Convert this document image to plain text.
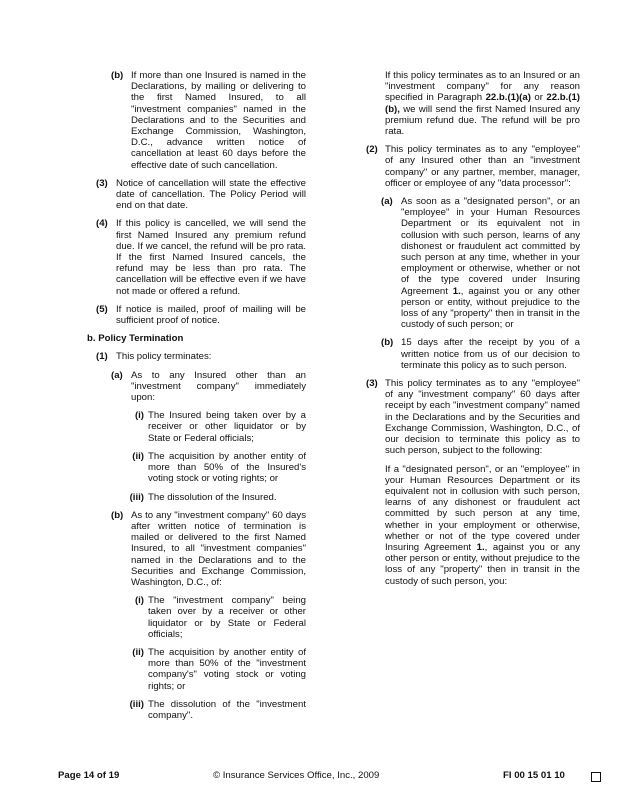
(b) If more than one Insured is named in the Declarations, by mailing or delivering to the first Named Insured, to all "investment companies" named in the Declarations and to the Securities and Exchange Commission, Washington, D.C., advance written notice of cancellation at least 60 days before the effective date of such cancellation.
(3) Notice of cancellation will state the effective date of cancellation. The Policy Period will end on that date.
(4) If this policy is cancelled, we will send the first Named Insured any premium refund due. If we cancel, the refund will be pro rata. If the first Named Insured cancels, the refund may be less than pro rata. The cancellation will be effective even if we have not made or offered a refund.
(5) If notice is mailed, proof of mailing will be sufficient proof of notice.
b. Policy Termination
(1) This policy terminates:
(a) As to any Insured other than an "investment company" immediately upon:
(i) The Insured being taken over by a receiver or other liquidator or by State or Federal officials;
(ii) The acquisition by another entity of more than 50% of the Insured's voting stock or voting rights; or
(iii) The dissolution of the Insured.
(b) As to any "investment company" 60 days after written notice of termination is mailed or delivered to the first Named Insured, to all "investment companies" named in the Declarations and to the Securities and Exchange Commission, Washington, D.C., of:
(i) The "investment company" being taken over by a receiver or other liquidator or by State or Federal officials;
(ii) The acquisition by another entity of more than 50% of the "investment company's" voting stock or voting rights; or
(iii) The dissolution of the "investment company".
If this policy terminates as to an Insured or an "investment company" for any reason specified in Paragraph 22.b.(1)(a) or 22.b.(1)(b), we will send the first Named Insured any premium refund due. The refund will be pro rata.
(2) This policy terminates as to any "employee" of any Insured other than an "investment company" or any partner, member, manager, officer or employee of any "data processor":
(a) As soon as a "designated person", or an "employee" in your Human Resources Department or its equivalent not in collusion with such person, learns of any dishonest or fraudulent act committed by such person at any time, whether in your employment or otherwise, whether or not of the type covered under Insuring Agreement 1., against you or any other person or entity, without prejudice to the loss of any "property" then in transit in the custody of such person; or
(b) 15 days after the receipt by you of a written notice from us of our decision to terminate this policy as to such person.
(3) This policy terminates as to any "employee" of any "investment company" 60 days after receipt by each "investment company" named in the Declarations and by the Securities and Exchange Commission, Washington, D.C., of our decision to terminate this policy as to such person, subject to the following:
If a "designated person", or an "employee" in your Human Resources Department or its equivalent not in collusion with such person, learns of any dishonest or fraudulent act committed by such person at any time, whether in your employment or otherwise, whether or not of the type covered under Insuring Agreement 1., against you or any other person or entity, without prejudice to the loss of any "property" then in transit in the custody of such person, you:
Page 14 of 19	© Insurance Services Office, Inc., 2009	FI 00 15 01 10
